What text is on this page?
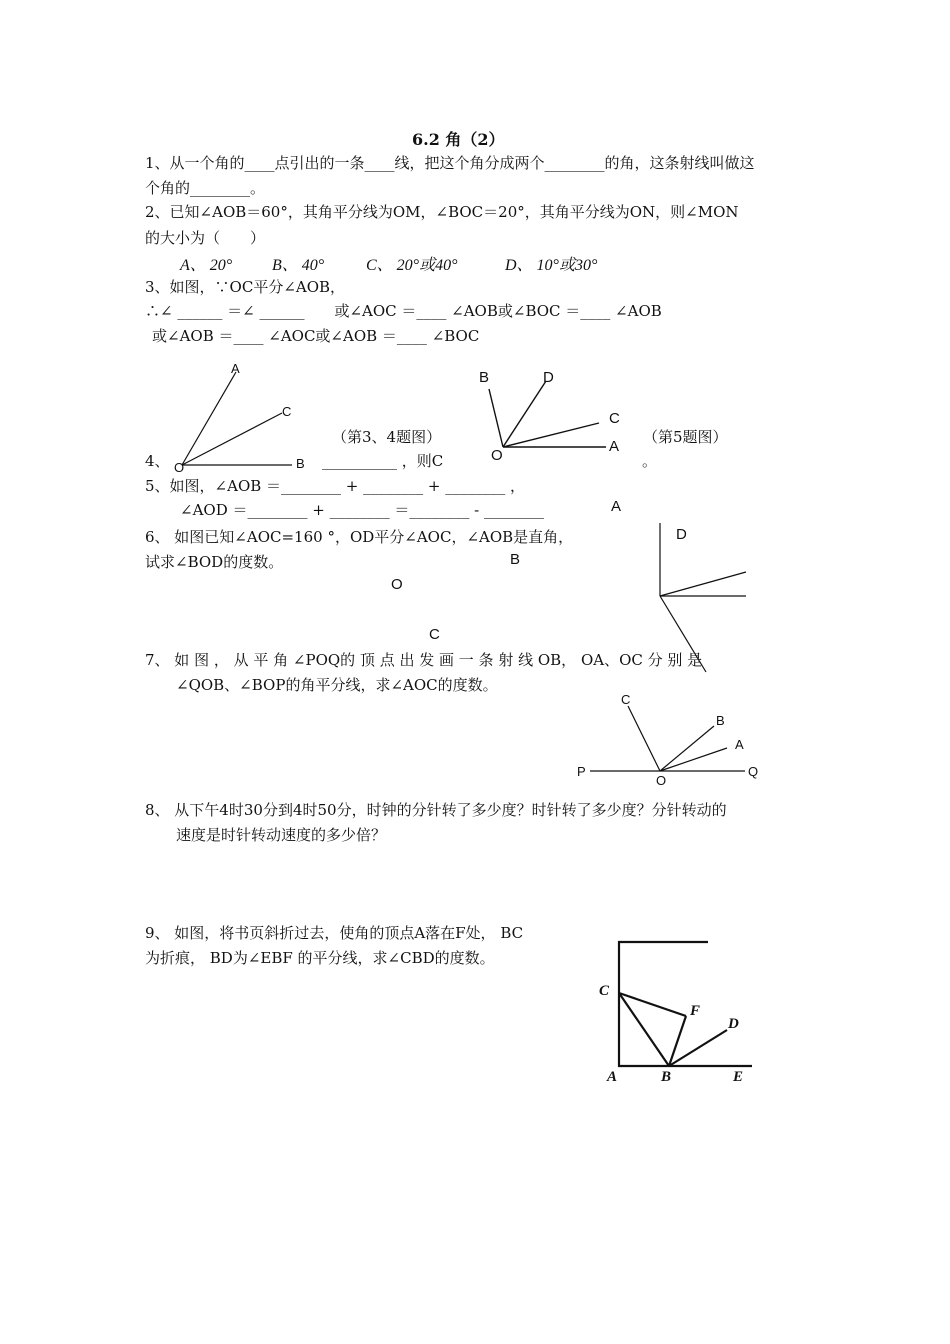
6.2 角（2）
1、从一个角的____点引出的一条____线，把这个角分成两个________的角，这条射线叫做这
个角的________。
2、已知∠AOB＝60°，其角平分线为OM，∠BOC＝20°，其角平分线为ON，则∠MON
的大小为（　　）
A、 20° B、 40°	C、 20°或40°	D、 10°或30°
3、如图，∵OC平分∠AOB，
∴∠ ______ ＝∠ ______　　或∠AOC ＝____ ∠AOB或∠BOC ＝____ ∠AOB
或∠AOB ＝____ ∠AOC或∠AOB ＝____ ∠BOC
A
C
O	B
（第3、4题图）
B	D
C
A
O
（第5题图）
4、	__________ ，则C	。
5、如图，∠AOB ＝________ + ________ + ________ ，
∠AOD ＝________ + ________ ＝________ - ________
6、 如图已知∠AOC=160 °，OD平分∠AOC，∠AOB是直角，
试求∠BOD的度数。
A
D
B
O
C
7、 如 图 ， 从 平 角 ∠POQ的 顶 点 出 发 画 一 条 射 线 OB， OA、OC 分 别 是
∠QOB、∠BOP的角平分线，求∠AOC的度数。
C
B
A
P
O
Q
8、 从下午4时30分到4时50分，时钟的分针转了多少度？时针转了多少度？分针转动的
速度是时针转动速度的多少倍？
9、 如图，将书页斜折过去，使角的顶点A落在F处， BC
为折痕， BD为∠EBF 的平分线，求∠CBD的度数。
C
F
D
A	B	E
